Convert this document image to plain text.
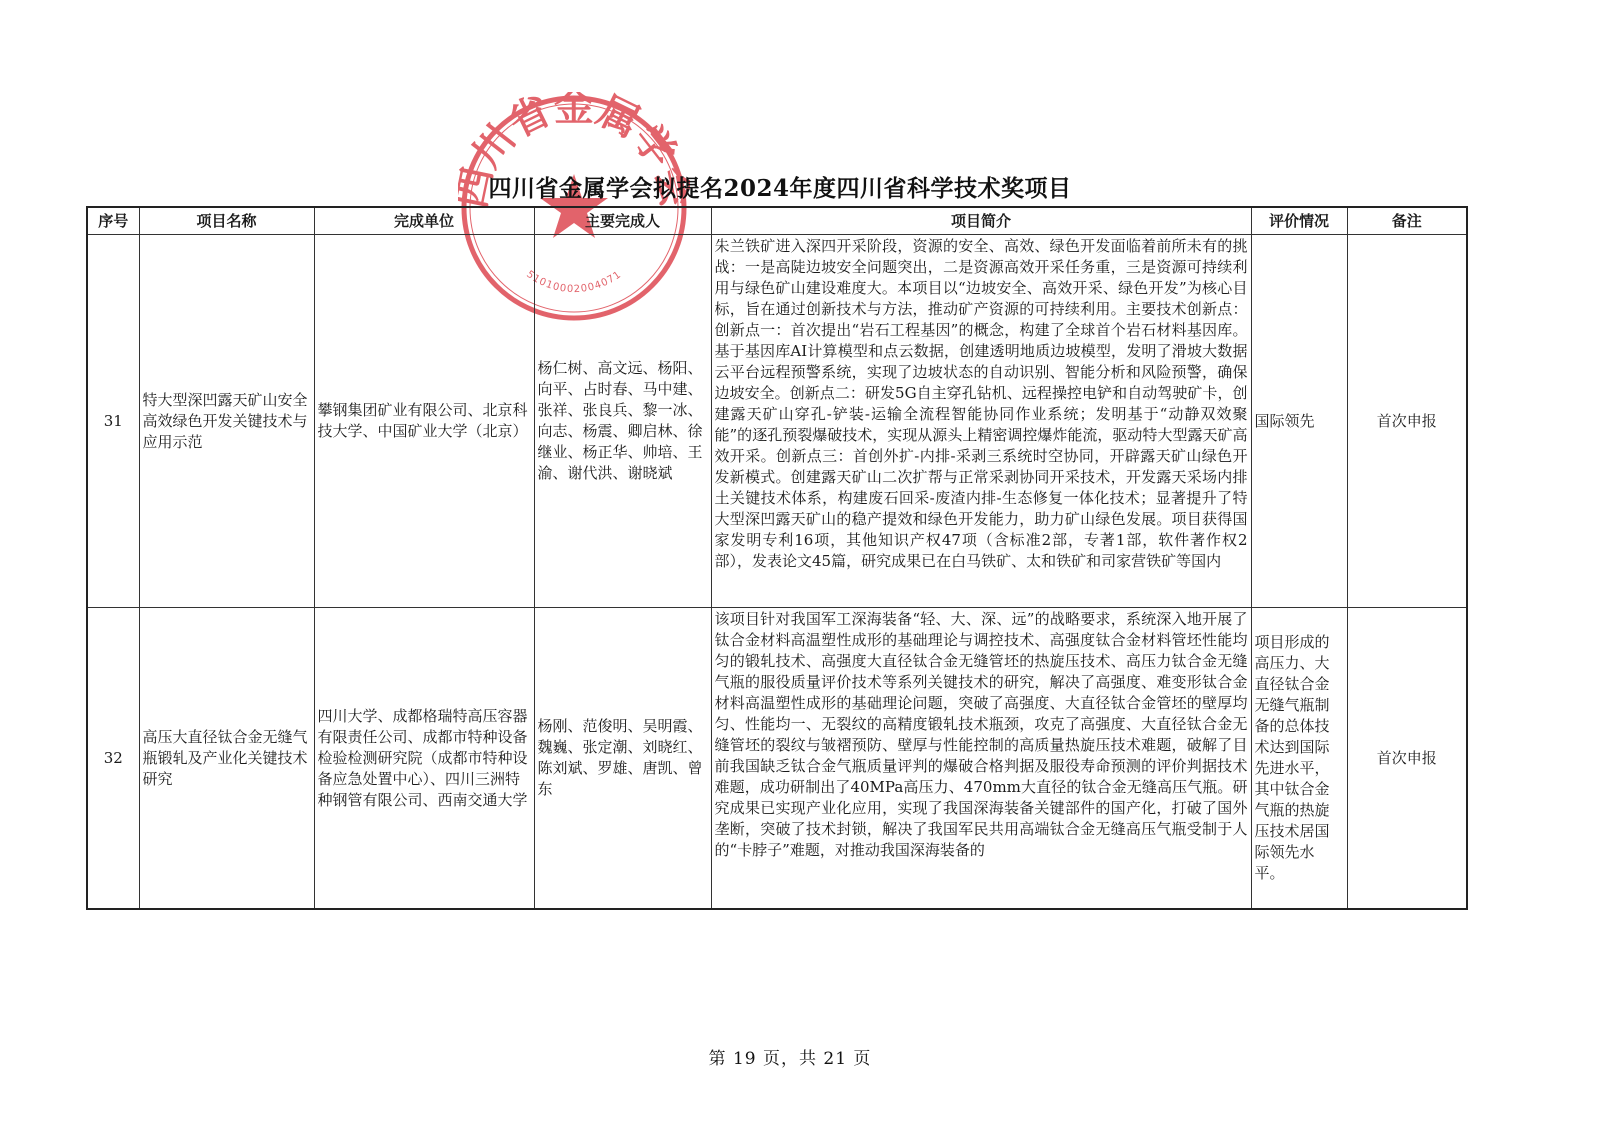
川省金属学
51010002004071
四川省金属学会拟提名2024年度四川省科学技术奖项目
序号	项目名称	完成单位	主要完成人	项目简介	评价情况	备注
31	特大型深凹露天矿山安全高效绿色开发关键技术与应用示范	攀钢集团矿业有限公司、北京科技大学、中国矿业大学（北京）	杨仁树、高文远、杨阳、向平、占时春、马中建、张祥、张良兵、黎一冰、向志、杨震、卿启林、徐继业、杨正华、帅培、王渝、谢代洪、谢晓斌	朱兰铁矿进入深四开采阶段，资源的安全、高效、绿色开发面临着前所未有的挑战：一是高陡边坡安全问题突出，二是资源高效开采任务重，三是资源可持续利用与绿色矿山建设难度大。本项目以“边坡安全、高效开采、绿色开发”为核心目标，旨在通过创新技术与方法，推动矿产资源的可持续利用。主要技术创新点：创新点一：首次提出“岩石工程基因”的概念，构建了全球首个岩石材料基因库。基于基因库AI计算模型和点云数据，创建透明地质边坡模型，发明了滑坡大数据云平台远程预警系统，实现了边坡状态的自动识别、智能分析和风险预警，确保边坡安全。创新点二：研发5G自主穿孔钻机、远程操控电铲和自动驾驶矿卡，创建露天矿山穿孔-铲装-运输全流程智能协同作业系统；发明基于“动静双效聚能”的逐孔预裂爆破技术，实现从源头上精密调控爆炸能流，驱动特大型露天矿高效开采。创新点三：首创外扩-内排-采剥三系统时空协同，开辟露天矿山绿色开发新模式。创建露天矿山二次扩帮与正常采剥协同开采技术，开发露天采场内排土关键技术体系，构建废石回采-废渣内排-生态修复一体化技术；显著提升了特大型深凹露天矿山的稳产提效和绿色开发能力，助力矿山绿色发展。项目获得国家发明专利16项，其他知识产权47项（含标准2部，专著1部，软件著作权2部），发表论文45篇，研究成果已在白马铁矿、太和铁矿和司家营铁矿等国内	国际领先	首次申报
32	高压大直径钛合金无缝气瓶锻轧及产业化关键技术研究	四川大学、成都格瑞特高压容器有限责任公司、成都市特种设备检验检测研究院（成都市特种设备应急处置中心）、四川三洲特种钢管有限公司、西南交通大学	杨刚、范俊明、吴明霞、魏巍、张定潮、刘晓红、陈刘斌、罗雄、唐凯、曾东	该项目针对我国军工深海装备“轻、大、深、远”的战略要求，系统深入地开展了钛合金材料高温塑性成形的基础理论与调控技术、高强度钛合金材料管坯性能均匀的锻轧技术、高强度大直径钛合金无缝管坯的热旋压技术、高压力钛合金无缝气瓶的服役质量评价技术等系列关键技术的研究，解决了高强度、难变形钛合金材料高温塑性成形的基础理论问题，突破了高强度、大直径钛合金管坯的壁厚均匀、性能均一、无裂纹的高精度锻轧技术瓶颈，攻克了高强度、大直径钛合金无缝管坯的裂纹与皱褶预防、壁厚与性能控制的高质量热旋压技术难题，破解了目前我国缺乏钛合金气瓶质量评判的爆破合格判据及服役寿命预测的评价判据技术难题，成功研制出了40MPa高压力、470mm大直径的钛合金无缝高压气瓶。研究成果已实现产业化应用，实现了我国深海装备关键部件的国产化，打破了国外垄断，突破了技术封锁，解决了我国军民共用高端钛合金无缝高压气瓶受制于人的“卡脖子”难题，对推动我国深海装备的	项目形成的高压力、大直径钛合金无缝气瓶制备的总体技术达到国际先进水平，其中钛合金气瓶的热旋压技术居国际领先水平。	首次申报
第 19 页，共 21 页
